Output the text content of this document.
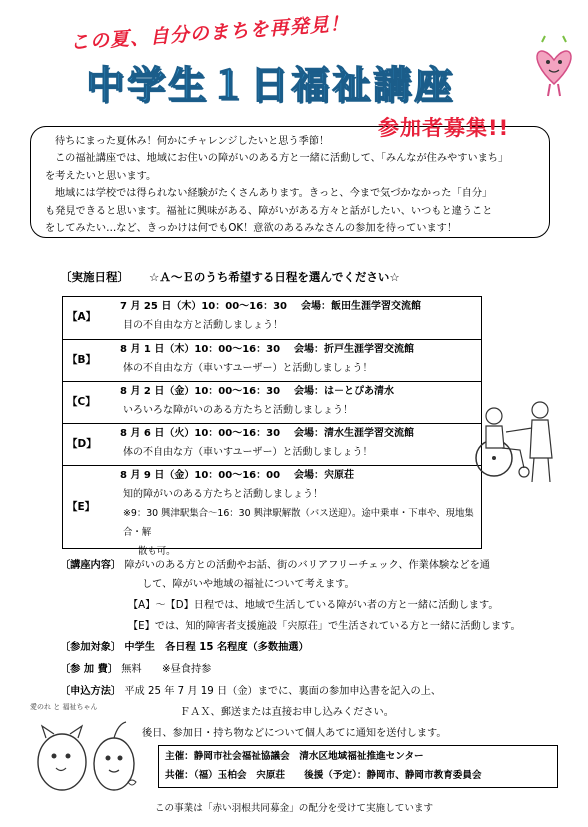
この夏、自分のまちを再発見！
中学生１日福祉講座

待ちにまった夏休み！何かにチャレンジしたいと思う季節！

この福祉講座では、地域にお住いの障がいのある方と一緒に活動して、「みんなが住みやすいまち」

を考えたいと思います。

地域には学校では得られない経験がたくさんあります。きっと、今まで気づかなかった「自分」

も発見できると思います。福祉に興味がある、障がいがある方々と話がしたい、いつもと違うこと

をしてみたい…など、きっかけは何でもOK！意欲のあるみなさんの参加を待っています！

参加者募集!!
〔実施日程〕 ☆Ａ～Ｅのうち希望する日程を選んでください☆
【A】
7 月 25 日（木）10：00～16：30 会場：飯田生涯学習交流館
目の不自由な方と活動しましょう！
【B】
8 月 1 日（木）10：00～16：30 会場：折戸生涯学習交流館
体の不自由な方（車いすユーザー）と活動しましょう！
【C】
8 月 2 日（金）10：00～16：30 会場：は－とぴあ清水
いろいろな障がいのある方たちと活動しましょう！
【D】
8 月 6 日（火）10：00～16：30 会場：清水生涯学習交流館
体の不自由な方（車いすユーザー）と活動しましょう！
【E】
8 月 9 日（金）10：00～16：00 会場：宍原荘
知的障がいのある方たちと活動しましょう！
※9：30 興津駅集合～16：30 興津駅解散（バス送迎）。途中乗車・下車や、現地集合・解
散も可。
〔講座内容〕 障がいのある方との活動やお話、街のバリアフリーチェック、作業体験などを通
して、障がいや地域の福祉について考えます。
【A】～【D】日程では、地域で生活している障がい者の方と一緒に活動します。
【E】では、知的障害者支援施設「宍原荘」で生活されている方と一緒に活動します。
〔参加対象〕 中学生　各日程 15 名程度（多数抽選）
〔参 加 費〕 無料　　※昼食持参
〔申込方法〕 平成 25 年 7 月 19 日（金）までに、裏面の参加申込書を記入の上、
ＦＡＸ、郵送または直接お申し込みください。
後日、参加日・持ち物などについて個人あてに通知を送付します。
愛のれ と 福祉ちゃん
主催：静岡市社会福祉協議会　清水区地域福祉推進センター
共催：（福）玉柏会　宍原荘　　後援（予定）：静岡市、静岡市教育委員会
この事業は「赤い羽根共同募金」の配分を受けて実施しています
